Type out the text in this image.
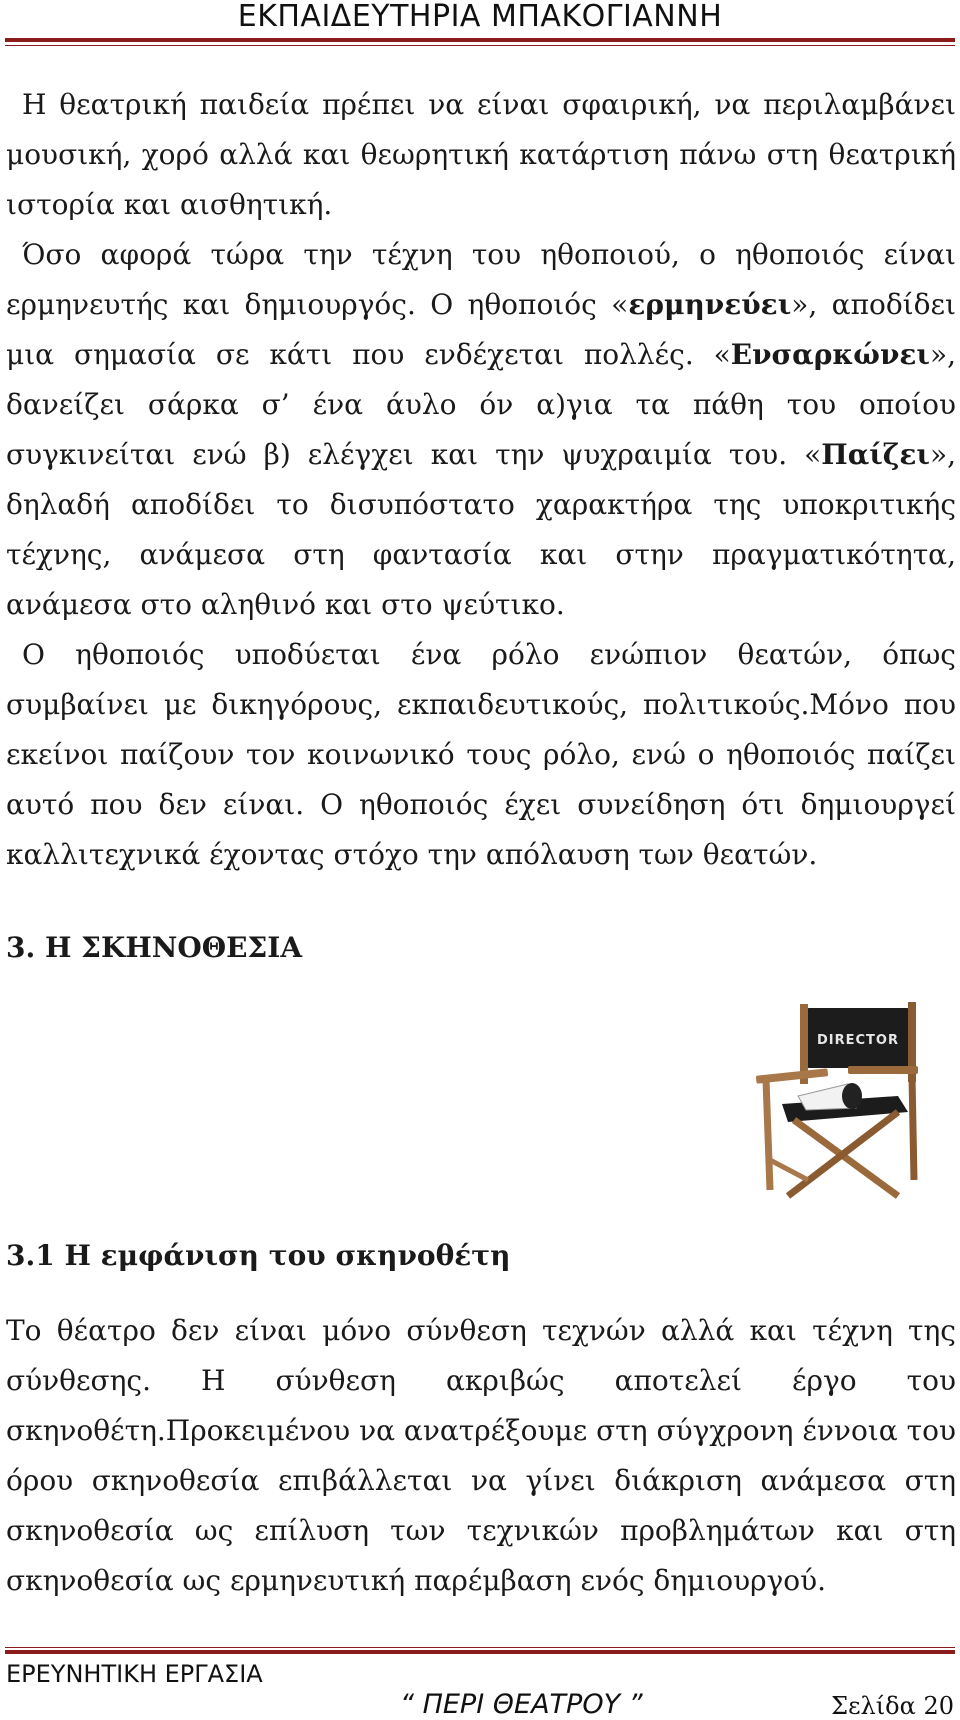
ΕΚΠΑΙΔΕΥΤΗΡΙΑ ΜΠΑΚΟΓΙΑΝΝΗ

Η θεατρική παιδεία πρέπει να είναι σφαιρική, να περιλαμβάνει μουσική, χορό αλλά και θεωρητική κατάρτιση πάνω στη θεατρική ιστορία και αισθητική.

Όσο αφορά τώρα την τέχνη του ηθοποιού, ο ηθοποιός είναι ερμηνευτής και δημιουργός. Ο ηθοποιός «ερμηνεύει», αποδίδει μια σημασία σε κάτι που ενδέχεται πολλές. «Ενσαρκώνει», δανείζει σάρκα σ’ ένα άυλο όν α)για τα πάθη του οποίου συγκινείται ενώ β) ελέγχει και την ψυχραιμία του. «Παίζει», δηλαδή αποδίδει το δισυπόστατο χαρακτήρα της υποκριτικής τέχνης, ανάμεσα στη φαντασία και στην πραγματικότητα, ανάμεσα στο αληθινό και στο ψεύτικο.

Ο ηθοποιός υποδύεται ένα ρόλο ενώπιον θεατών, όπως συμβαίνει με δικηγόρους, εκπαιδευτικούς, πολιτικούς.Μόνο που εκείνοι παίζουν τον κοινωνικό τους ρόλο, ενώ ο ηθοποιός παίζει αυτό που δεν είναι. Ο ηθοποιός έχει συνείδηση ότι δημιουργεί καλλιτεχνικά έχοντας στόχο την απόλαυση των θεατών.

3. Η ΣΚΗΝΟΘΕΣΙΑ
DIRECTOR
3.1 Η εμφάνιση του σκηνοθέτη

Το θέατρο δεν είναι μόνο σύνθεση τεχνών αλλά και τέχνη της σύνθεσης. Η σύνθεση ακριβώς αποτελεί έργο του σκηνοθέτη.Προκειμένου να ανατρέξουμε στη σύγχρονη έννοια του όρου σκηνοθεσία επιβάλλεται να γίνει διάκριση ανάμεσα στη σκηνοθεσία ως επίλυση των τεχνικών προβλημάτων και στη σκηνοθεσία ως ερμηνευτική παρέμβαση ενός δημιουργού.

ΕΡΕΥΝΗΤΙΚΗ ΕΡΓΑΣΙΑ
“ ΠΕΡΙ ΘΕΑΤΡΟΥ ”	Σελίδα 20
